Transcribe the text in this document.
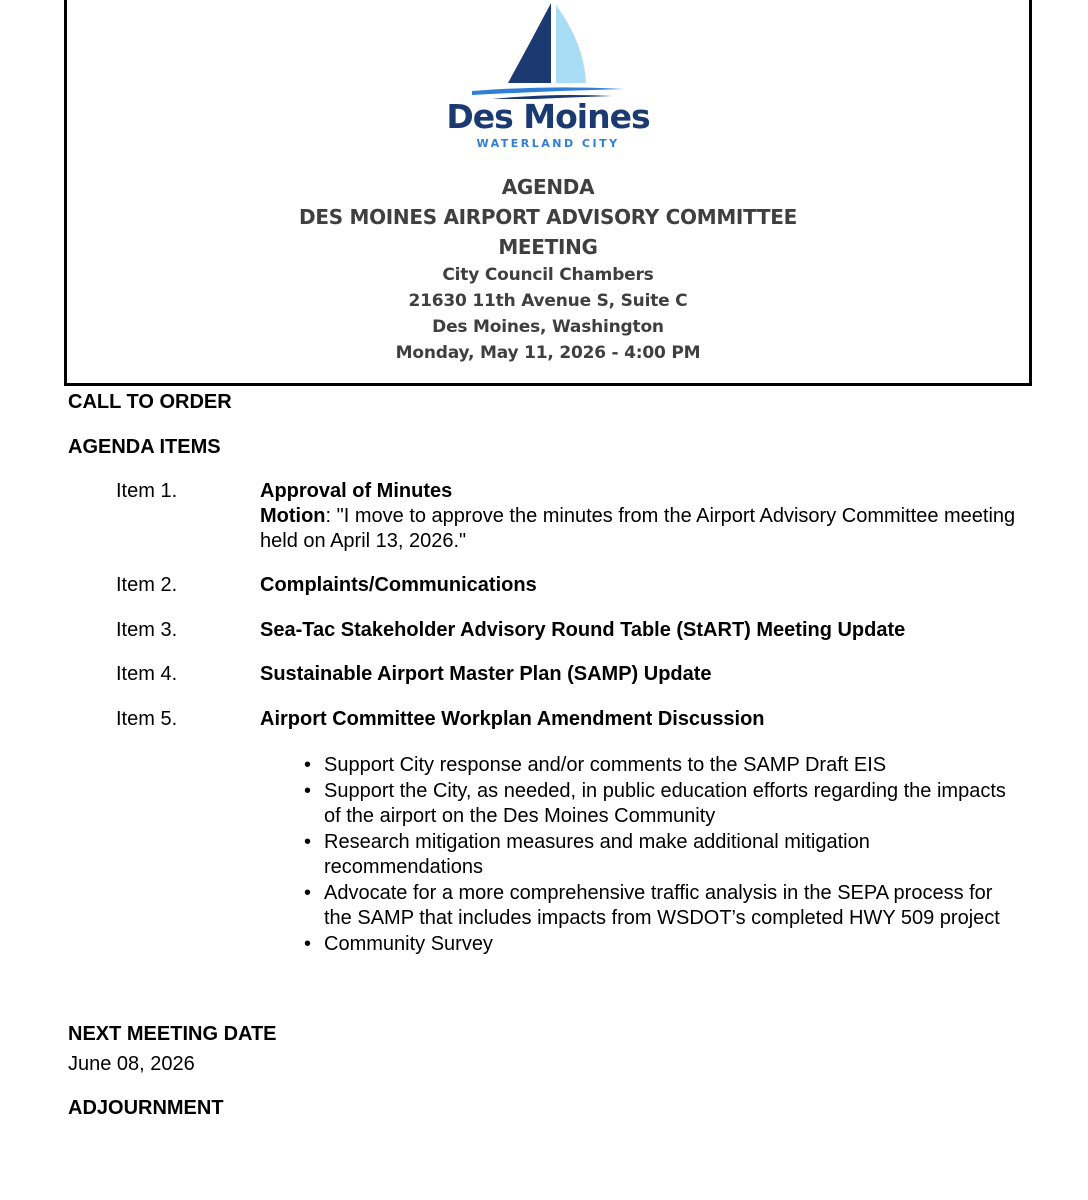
Des Moines
WATERLAND CITY
AGENDA
DES MOINES AIRPORT ADVISORY COMMITTEE
MEETING
City Council Chambers
21630 11th Avenue S, Suite C
Des Moines, Washington
Monday, May 11, 2026 - 4:00 PM
CALL TO ORDER
AGENDA ITEMS
Item 1.	Approval of Minutes
Motion: "I move to approve the minutes from the Airport Advisory Committee meeting held on April 13, 2026."
Item 2.	Complaints/Communications
Item 3.	Sea-Tac Stakeholder Advisory Round Table (StART) Meeting Update
Item 4.	Sustainable Airport Master Plan (SAMP) Update
Item 5.	Airport Committee Workplan Amendment Discussion
• Support City response and/or comments to the SAMP Draft EIS
• Support the City, as needed, in public education efforts regarding the impacts of the airport on the Des Moines Community
• Research mitigation measures and make additional mitigation recommendations
• Advocate for a more comprehensive traffic analysis in the SEPA process for the SAMP that includes impacts from WSDOT’s completed HWY 509 project
• Community Survey
NEXT MEETING DATE
June 08, 2026
ADJOURNMENT
